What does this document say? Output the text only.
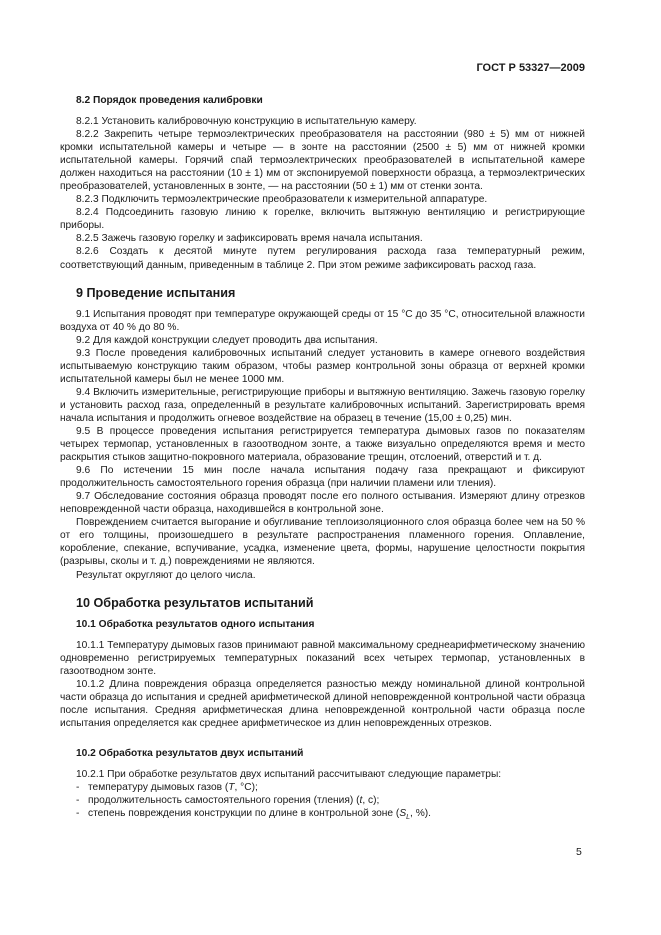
ГОСТ Р 53327—2009
8.2 Порядок проведения калибровки

8.2.1 Установить калибровочную конструкцию в испытательную камеру.

8.2.2 Закрепить четыре термоэлектрических преобразователя на расстоянии (980 ± 5) мм от нижней кромки испытательной камеры и четыре — в зонте на расстоянии (2500 ± 5) мм от нижней кромки испытательной камеры. Горячий спай термоэлектрических преобразователей в испытательной камере должен находиться на расстоянии (10 ± 1) мм от экспонируемой поверхности образца, а термоэлектрических преобразователей, установленных в зонте, — на расстоянии (50 ± 1) мм от стенки зонта.

8.2.3 Подключить термоэлектрические преобразователи к измерительной аппаратуре.

8.2.4 Подсоединить газовую линию к горелке, включить вытяжную вентиляцию и регистрирующие приборы.

8.2.5 Зажечь газовую горелку и зафиксировать время начала испытания.

8.2.6 Создать к десятой минуте путем регулирования расхода газа температурный режим, соответствующий данным, приведенным в таблице 2. При этом режиме зафиксировать расход газа.

9 Проведение испытания

9.1 Испытания проводят при температуре окружающей среды от 15 °С до 35 °С, относительной влажности воздуха от 40 % до 80 %.

9.2 Для каждой конструкции следует проводить два испытания.

9.3 После проведения калибровочных испытаний следует установить в камере огневого воздействия испытываемую конструкцию таким образом, чтобы размер контрольной зоны образца от верхней кромки испытательной камеры был не менее 1000 мм.

9.4 Включить измерительные, регистрирующие приборы и вытяжную вентиляцию. Зажечь газовую горелку и установить расход газа, определенный в результате калибровочных испытаний. Зарегистрировать время начала испытания и продолжить огневое воздействие на образец в течение (15,00 ± 0,25) мин.

9.5 В процессе проведения испытания регистрируется температура дымовых газов по показателям четырех термопар, установленных в газоотводном зонте, а также визуально определяются время и место раскрытия стыков защитно-покровного материала, образование трещин, отслоений, отверстий и т. д.

9.6 По истечении 15 мин после начала испытания подачу газа прекращают и фиксируют продолжительность самостоятельного горения образца (при наличии пламени или тления).

9.7 Обследование состояния образца проводят после его полного остывания. Измеряют длину отрезков неповрежденной части образца, находившейся в контрольной зоне.

Повреждением считается выгорание и обугливание теплоизоляционного слоя образца более чем на 50 % от его толщины, произошедшего в результате распространения пламенного горения. Оплавление, коробление, спекание, вспучивание, усадка, изменение цвета, формы, нарушение целостности покрытия (разрывы, сколы и т. д.) повреждениями не являются.

Результат округляют до целого числа.

10 Обработка результатов испытаний
10.1 Обработка результатов одного испытания

10.1.1 Температуру дымовых газов принимают равной максимальному среднеарифметическому значению одновременно регистрируемых температурных показаний всех четырех термопар, установленных в газоотводном зонте.

10.1.2 Длина повреждения образца определяется разностью между номинальной длиной контрольной части образца до испытания и средней арифметической длиной неповрежденной контрольной части образца после испытания. Средняя арифметическая длина неповрежденной контрольной части образца после испытания определяется как среднее арифметическое из длин неповрежденных отрезков.

10.2 Обработка результатов двух испытаний

10.2.1 При обработке результатов двух испытаний рассчитывают следующие параметры:

- температуру дымовых газов (T, °С);
- продолжительность самостоятельного горения (тления) (t, с);
- степень повреждения конструкции по длине в контрольной зоне ($S_L$, %).
5
